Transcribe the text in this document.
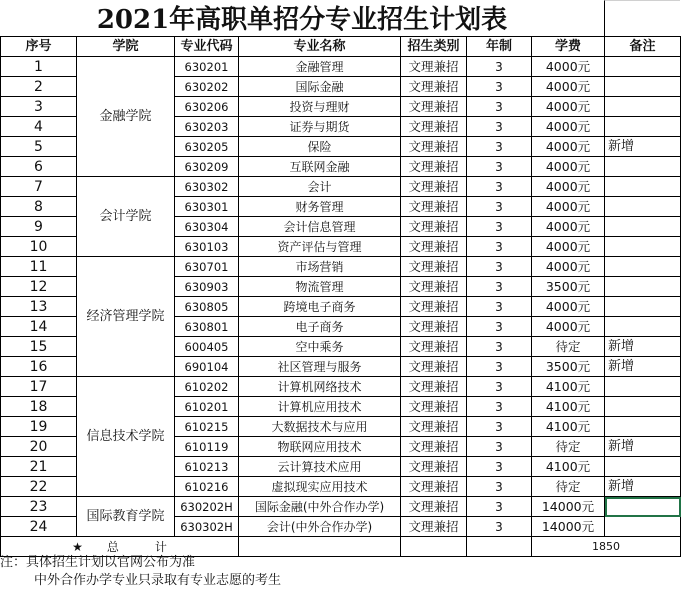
2021年高职单招分专业招生计划表
序号	学院	专业代码	专业名称	招生类别	年制	学费	备注
1	金融学院	630201	金融管理	文理兼招	3	4000元	
2		630202	国际金融	文理兼招	3	4000元	
3		630206	投资与理财	文理兼招	3	4000元	
4		630203	证券与期货	文理兼招	3	4000元	
5		630205	保险	文理兼招	3	4000元	新增
6		630209	互联网金融	文理兼招	3	4000元	
7	会计学院	630302	会计	文理兼招	3	4000元	
8		630301	财务管理	文理兼招	3	4000元	
9		630304	会计信息管理	文理兼招	3	4000元	
10		630103	资产评估与管理	文理兼招	3	4000元	
11	经济管理学院	630701	市场营销	文理兼招	3	4000元	
12		630903	物流管理	文理兼招	3	3500元	
13		630805	跨境电子商务	文理兼招	3	4000元	
14		630801	电子商务	文理兼招	3	4000元	
15		600405	空中乘务	文理兼招	3	待定	新增
16		690104	社区管理与服务	文理兼招	3	3500元	新增
17	信息技术学院	610202	计算机网络技术	文理兼招	3	4100元	
18		610201	计算机应用技术	文理兼招	3	4100元	
19		610215	大数据技术与应用	文理兼招	3	4100元	
20		610119	物联网应用技术	文理兼招	3	待定	新增
21		610213	云计算技术应用	文理兼招	3	4100元	
22		610216	虚拟现实应用技术	文理兼招	3	待定	新增
23	国际教育学院	630202H	国际金融(中外合作办学)	文理兼招	3	14000元	
24		630302H	会计(中外合作办学)	文理兼招	3	14000元	
★　　总　　　计						1850	
注：具体招生计划以官网公布为准
中外合作办学专业只录取有专业志愿的考生
